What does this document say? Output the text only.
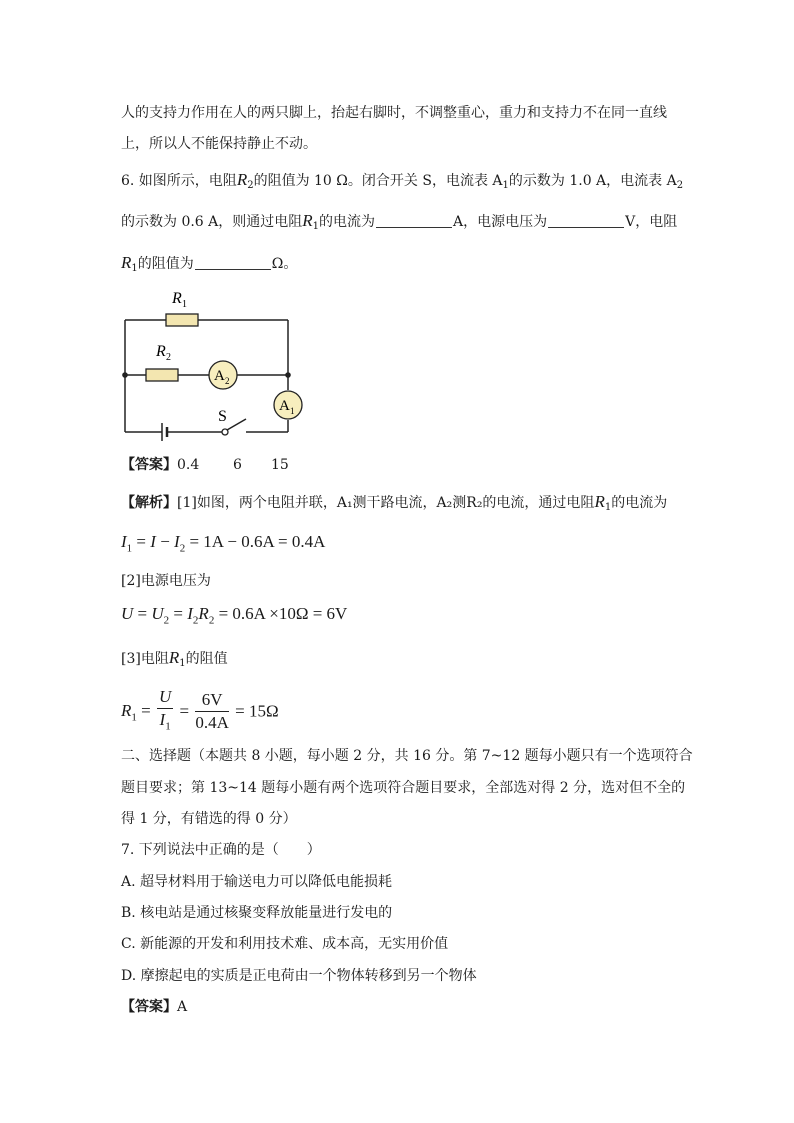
人的支持力作用在人的两只脚上，抬起右脚时，不调整重心，重力和支持力不在同一直线
上，所以人不能保持静止不动。
6. 如图所示，电阻$R_2$的阻值为 10 Ω。闭合开关 S，电流表 $A_1$的示数为 1.0 A，电流表 $A_2$
的示数为 0.6 A，则通过电阻$R_1$的电流为	A，电源电压为	V，电阻
$R_1$的阻值为	Ω。
R 1
R 2
A 2
A 1
S
【答案】0.4 6 15
【解析】[1]如图，两个电阻并联，A₁测干路电流，A₂测R₂的电流，通过电阻$R_1$的电流为
$I_1 = I - I_2 = 1A - 0.6A = 0.4A$
[2]电源电压为
$U = U_2 = I_2R_2 = 0.6A \times 10\Omega = 6V$
[3]电阻$R_1$的阻值
$R_1 = \frac{U}{I_1} = \frac{6V}{0.4A} = 15\Omega$
二、选择题（本题共 8 小题，每小题 2 分，共 16 分。第 7~12 题每小题只有一个选项符合
题目要求；第 13~14 题每小题有两个选项符合题目要求，全部选对得 2 分，选对但不全的
得 1 分，有错选的得 0 分）
7. 下列说法中正确的是（　　）
A. 超导材料用于输送电力可以降低电能损耗
B. 核电站是通过核聚变释放能量进行发电的
C. 新能源的开发和利用技术难、成本高，无实用价值
D. 摩擦起电的实质是正电荷由一个物体转移到另一个物体
【答案】A
